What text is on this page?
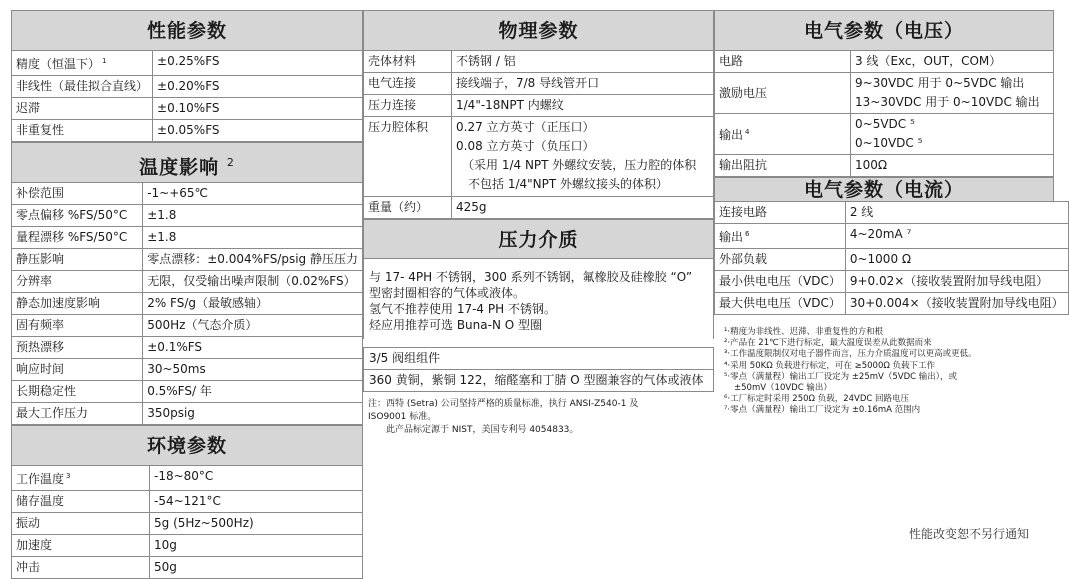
性能参数
精度（恒温下） $^1$	±0.25%FS
非线性（最佳拟合直线）	±0.20%FS
迟滞	±0.10%FS
非重复性	±0.05%FS
温度影响 $^2$
补偿范围	-1~+65℃
零点偏移 %FS/50°C	±1.8
量程漂移 %FS/50°C	±1.8
静压影响	零点漂移：±0.004%FS/psig 静压压力
分辨率	无限，仅受输出噪声限制（0.02%FS）
静态加速度影响	2% FS/g（最敏感轴）
固有频率	500Hz（气态介质）
预热漂移	±0.1%FS
响应时间	30~50ms
长期稳定性	0.5%FS/ 年
最大工作压力	350psig
环境参数
工作温度 $^3$	-18~80°C
储存温度	-54~121°C
振动	5g (5Hz~500Hz)
加速度	10g
冲击	50g
物理参数
壳体材料	不锈钢 / 铝
电气连接	接线端子，7/8 导线管开口
压力连接	1/4"-18NPT 内螺纹
压力腔体积	0.27 立方英寸（正压口）
0.08 立方英寸（负压口）
（采用 1/4 NPT 外螺纹安装，压力腔的体积
不包括 1/4"NPT 外螺纹接头的体积）

重量（约）	425g
压力介质
与 17- 4PH 不锈钢，300 系列不锈钢，氟橡胶及硅橡胶 “O”
型密封圈相容的气体或液体。
氢气不推荐使用 17-4 PH 不锈钢。
烃应用推荐可选 Buna-N O 型圈
3/5 阀组组件
360 黄铜，紫铜 122，缩醛塞和丁腈 O 型圈兼容的气体或液体
注：西特 (Setra) 公司坚持严格的质量标准，执行 ANSI-Z540-1 及
ISO9001 标准。
此产品标定源于 NIST，美国专利号 4054833。
电气参数（电压）
电路	3 线（Exc，OUT，COM）
激励电压	9~30VDC 用于 0~5VDC 输出
13~30VDC 用于 0~10VDC 输出

输出 $^4$	0~5VDC ⁵
0~10VDC ⁵

输出阻抗	100Ω
电气参数（电流）
连接电路	2 线
输出 $^6$	4~20mA ⁷
外部负载	0~1000 Ω
最小供电电压（VDC）	9+0.02×（接收装置附加导线电阻）
最大供电电压（VDC）	30+0.004×（接收装置附加导线电阻）
¹·精度为非线性、迟滞、非重复性的方和根
²·产品在 21℃下进行标定，最大温度误差从此数据而来
³·工作温度限制仅对电子器件而言，压力介质温度可以更高或更低。
⁴·采用 50KΩ 负载进行标定，可在 ≥5000Ω 负载下工作
⁵·零点（满量程）输出工厂设定为 ±25mV（5VDC 输出），或
±50mV（10VDC 输出）
⁶·工厂标定时采用 250Ω 负载，24VDC 回路电压
⁷·零点（满量程）输出工厂设定为 ±0.16mA 范围内
性能改变恕不另行通知
